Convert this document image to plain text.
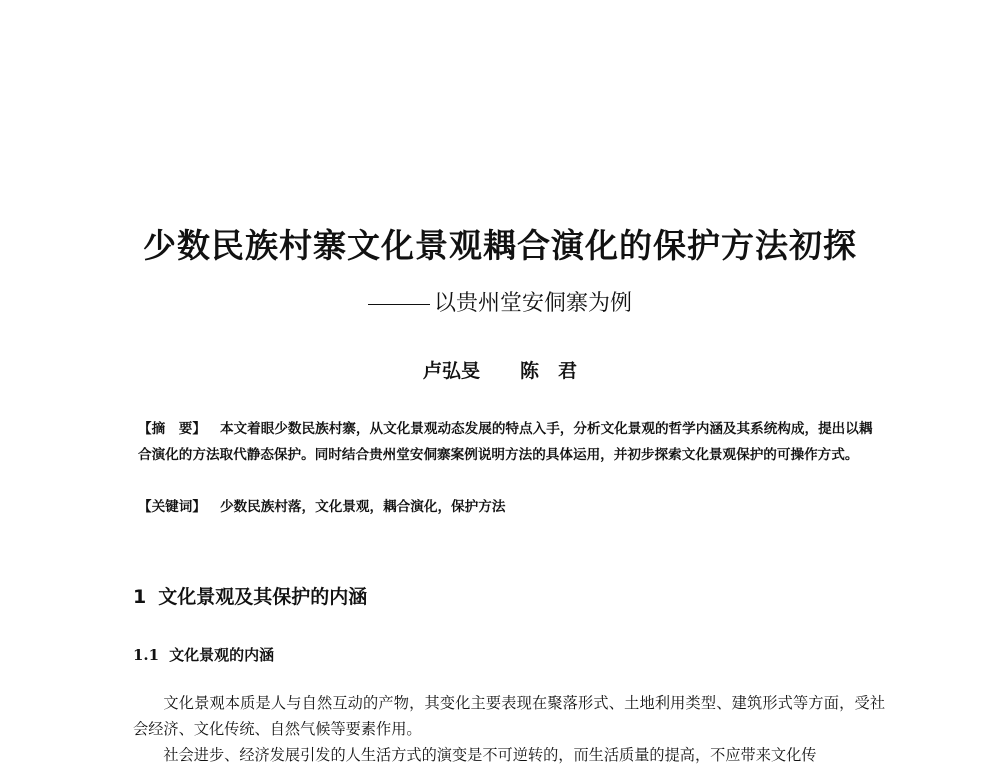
少数民族村寨文化景观耦合演化的保护方法初探

以贵州堂安侗寨为例

卢弘旻 陈　君

【摘　要】 本文着眼少数民族村寨，从文化景观动态发展的特点入手，分析文化景观的哲学内涵及其系统构成，提出以耦合演化的方法取代静态保护。同时结合贵州堂安侗寨案例说明方法的具体运用，并初步探索文化景观保护的可操作方式。

【关键词】 少数民族村落，文化景观，耦合演化，保护方法

1 文化景观及其保护的内涵
1.1 文化景观的内涵

文化景观本质是人与自然互动的产物，其变化主要表现在聚落形式、土地利用类型、建筑形式等方面，受社会经济、文化传统、自然气候等要素作用。

社会进步、经济发展引发的人生活方式的演变是不可逆转的，而生活质量的提高，不应带来文化传
